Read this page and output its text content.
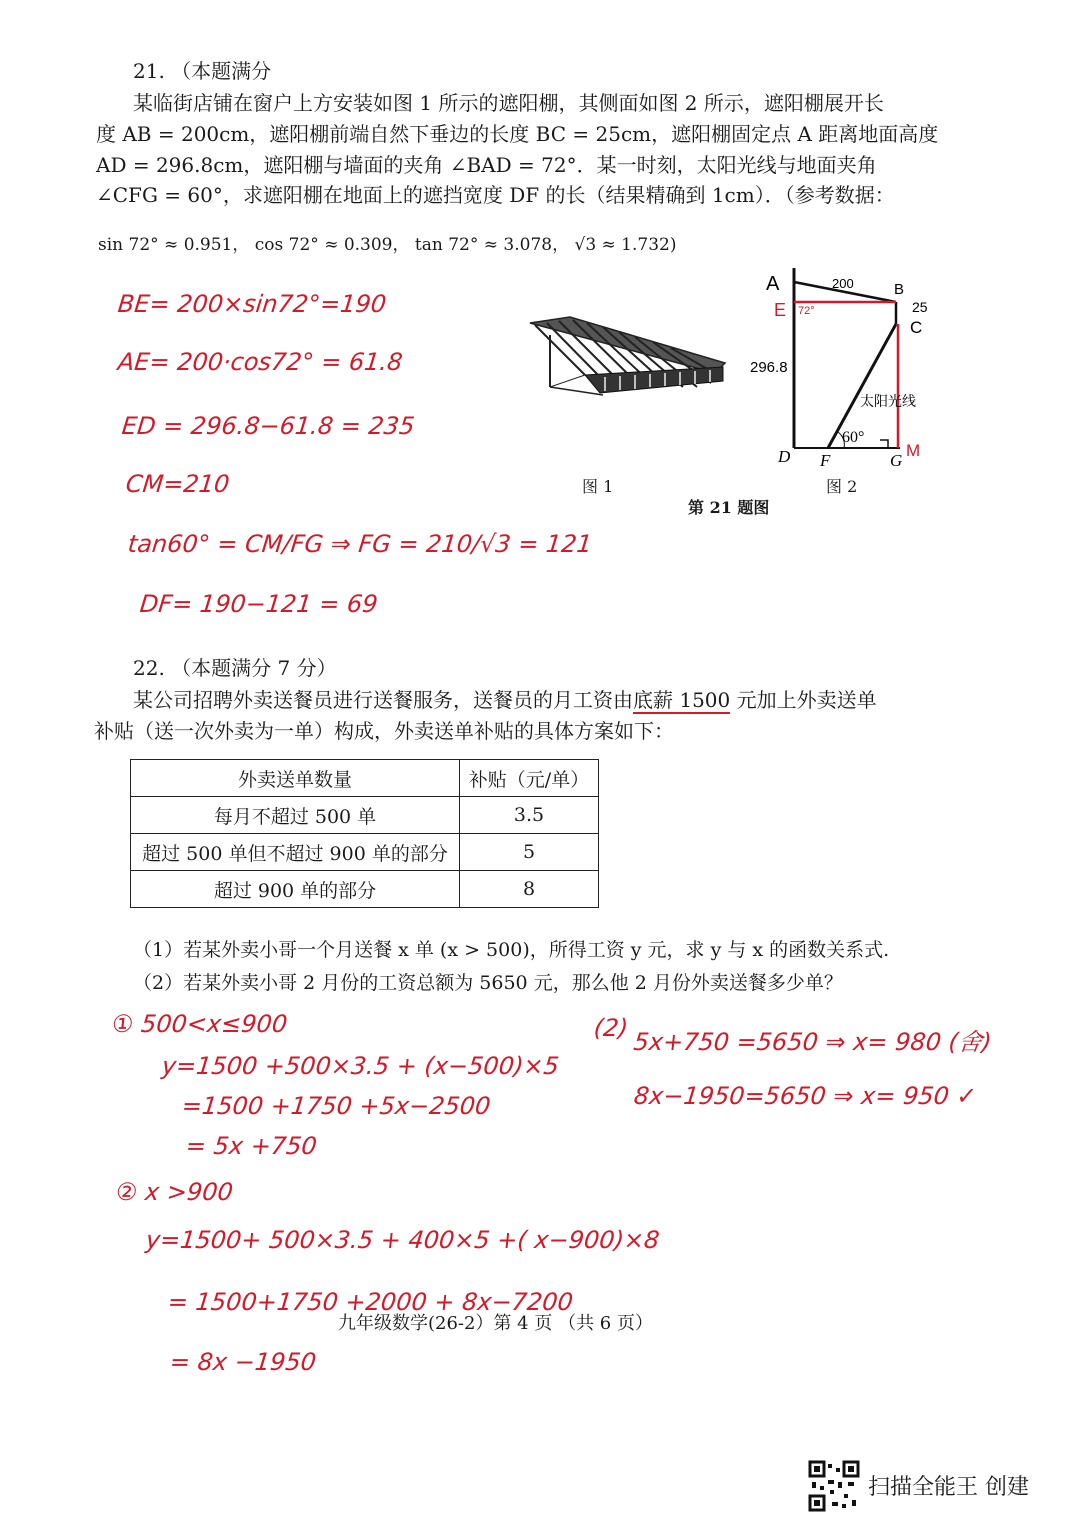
21. （本题满分
某临街店铺在窗户上方安装如图 1 所示的遮阳棚，其侧面如图 2 所示，遮阳棚展开长
度 AB = 200cm，遮阳棚前端自然下垂边的长度 BC = 25cm，遮阳棚固定点 A 距离地面高度
AD = 296.8cm，遮阳棚与墙面的夹角 ∠BAD = 72°．某一时刻，太阳光线与地面夹角
∠CFG = 60°，求遮阳棚在地面上的遮挡宽度 DF 的长（结果精确到 1cm）．（参考数据：
sin 72° ≈ 0.951， cos 72° ≈ 0.309， tan 72° ≈ 3.078， √3 ≈ 1.732)
BE= 200×sin72°=190
AE= 200·cos72° = 61.8
ED = 296.8−61.8 = 235
CM=210
tan60° = CM/FG ⇒ FG = 210/√3 = 121
DF= 190−121 = 69
图 1
A	200	B
25
C
E 72°
296.8
太阳光线
60°
D F	G
M
图 2
第 21 题图
22. （本题满分 7 分）
某公司招聘外卖送餐员进行送餐服务，送餐员的月工资由底薪 1500 元加上外卖送单
补贴（送一次外卖为一单）构成，外卖送单补贴的具体方案如下：
外卖送单数量	补贴（元/单）
每月不超过 500 单	3.5
超过 500 单但不超过 900 单的部分	5
超过 900 单的部分	8
（1）若某外卖小哥一个月送餐 x 单 (x > 500)，所得工资 y 元，求 y 与 x 的函数关系式.
（2）若某外卖小哥 2 月份的工资总额为 5650 元，那么他 2 月份外卖送餐多少单？
① 500<x≤900
y=1500 +500×3.5 + (x−500)×5
=1500 +1750 +5x−2500
= 5x +750
② x >900
y=1500+ 500×3.5 + 400×5 +( x−900)×8
= 1500+1750 +2000 + 8x−7200
= 8x −1950
(2) 5x+750 =5650 ⇒ x= 980 (舍)
8x−1950=5650 ⇒ x= 950 ✓
九年级数学(26-2）第 4 页 （共 6 页）
扫描全能王 创建
